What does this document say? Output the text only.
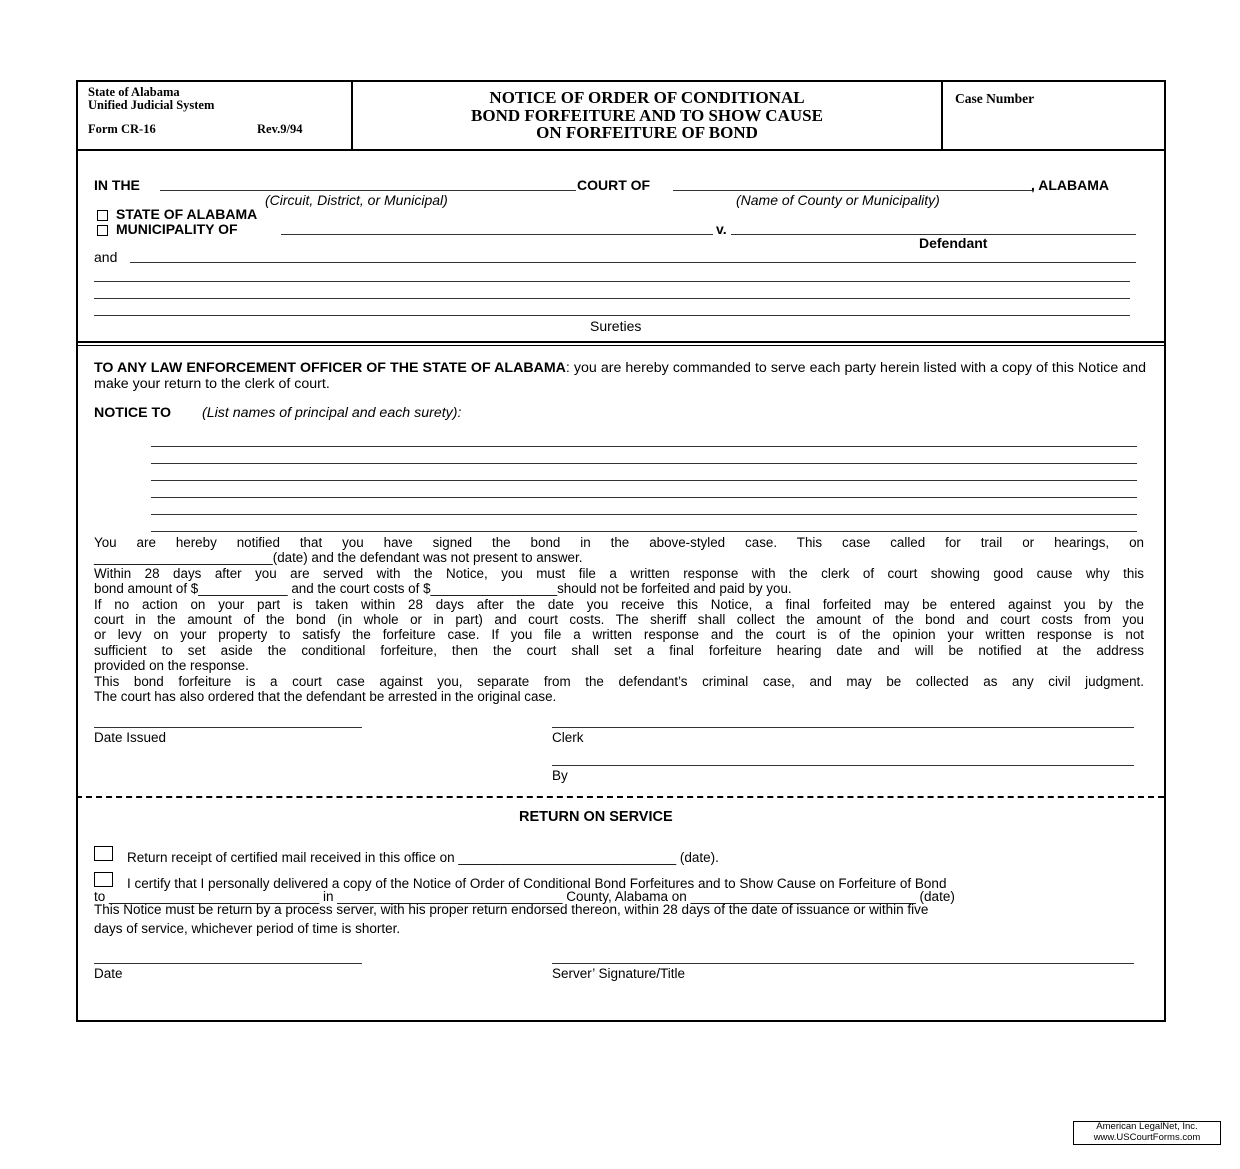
State of Alabama
Unified Judicial System
Form CR-16	Rev.9/94
NOTICE OF ORDER OF CONDITIONAL
BOND FORFEITURE AND TO SHOW CAUSE
ON FORFEITURE OF BOND
Case Number
IN THE	COURT OF	, ALABAMA
(Circuit, District, or Municipal)	(Name of County or Municipality)
STATE OF ALABAMA
MUNICIPALITY OF	v.
Defendant
and
Sureties
TO ANY LAW ENFORCEMENT OFFICER OF THE STATE OF ALABAMA: you are hereby commanded to serve each party herein listed with a copy of this Notice and make your return to the clerk of court.
NOTICE TO (List names of principal and each surety):

You are hereby notified that you have signed the bond in the above-styled case. This case called for trail or hearings, on

________________________(date) and the defendant was not present to answer.

Within 28 days after you are served with the Notice, you must file a written response with the clerk of court showing good cause why this

bond amount of $____________ and the court costs of $_________________should not be forfeited and paid by you.

If no action on your part is taken within 28 days after the date you receive this Notice, a final forfeited may be entered against you by the

court in the amount of the bond (in whole or in part) and court costs. The sheriff shall collect the amount of the bond and court costs from you

or levy on your property to satisfy the forfeiture case. If you file a written response and the court is of the opinion your written response is not

sufficient to set aside the conditional forfeiture, then the court shall set a final forfeiture hearing date and will be notified at the address

provided on the response.

This bond forfeiture is a court case against you, separate from the defendant’s criminal case, and may be collected as any civil judgment.

The court has also ordered that the defendant be arrested in the original case.

Date Issued	Clerk
By
RETURN ON SERVICE
Return receipt of certified mail received in this office on _____________________________ (date).
I certify that I personally delivered a copy of the Notice of Order of Conditional Bond Forfeitures and to Show Cause on Forfeiture of Bond
to ____________________________ in ______________________________ County, Alabama on ______________________________ (date)
This Notice must be return by a process server, with his proper return endorsed thereon, within 28 days of the date of issuance or within five
days of service, whichever period of time is shorter.
Date	Server’ Signature/Title
American LegalNet, Inc.
www.USCourtForms.com
